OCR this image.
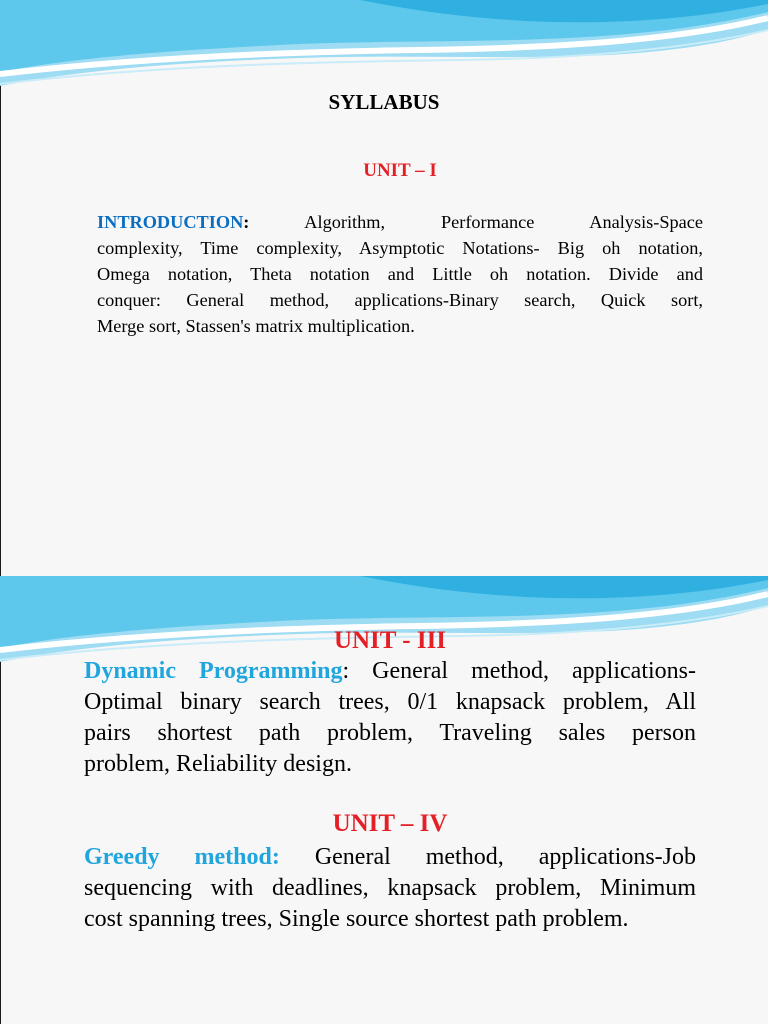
SYLLABUS
UNIT – I
INTRODUCTION: Algorithm, Performance Analysis-Space
complexity, Time complexity, Asymptotic Notations- Big oh notation,
Omega notation, Theta notation and Little oh notation. Divide and
conquer: General method, applications-Binary search, Quick sort,
Merge sort, Stassen's matrix multiplication.
UNIT - III
Dynamic Programming: General method, applications-
Optimal binary search trees, 0/1 knapsack problem, All
pairs shortest path problem, Traveling sales person
problem, Reliability design.
UNIT – IV
Greedy method: General method, applications-Job
sequencing with deadlines, knapsack problem, Minimum
cost spanning trees, Single source shortest path problem.
